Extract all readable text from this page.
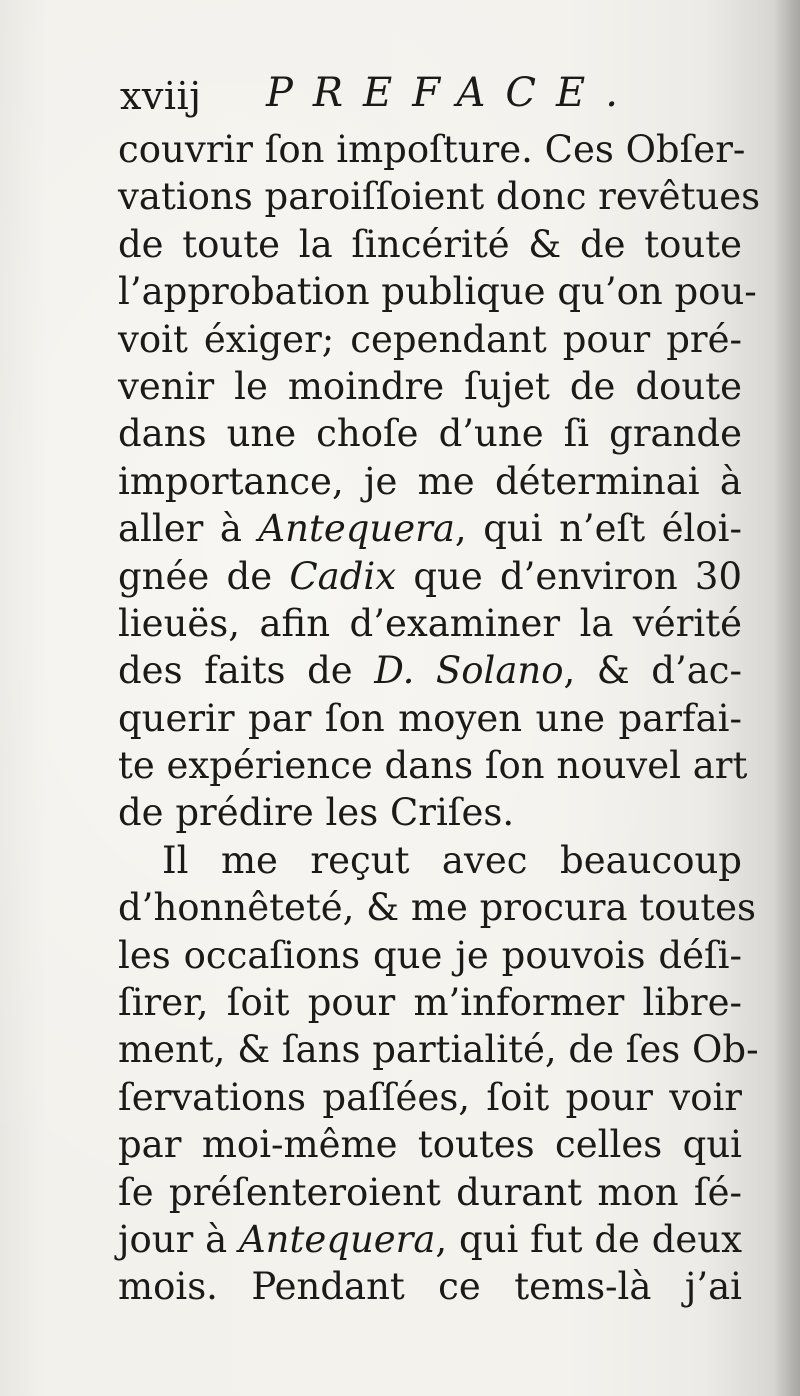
xviij PREFACE.
couvrir ſon impoſture. Ces Obſer-
vations paroiſſoient donc revêtues
de toute la ſincérité & de toute
l’approbation publique qu’on pou-
voit éxiger; cependant pour pré-
venir le moindre ſujet de doute
dans une choſe d’une ſi grande
importance, je me déterminai à
aller à Antequera, qui n’eſt éloi-
gnée de Cadix que d’environ 30
lieuës, afin d’examiner la vérité
des faits de D. Solano, & d’ac-
querir par ſon moyen une parfai-
te expérience dans ſon nouvel art
de prédire les Criſes.
Il me reçut avec beaucoup
d’honnêteté, & me procura toutes
les occaſions que je pouvois déſi-
ſirer, ſoit pour m’informer libre-
ment, & ſans partialité, de ſes Ob-
ſervations paſſées, ſoit pour voir
par moi-même toutes celles qui
ſe préſenteroient durant mon ſé-
jour à Antequera, qui fut de deux
mois. Pendant ce tems-là j’ai
